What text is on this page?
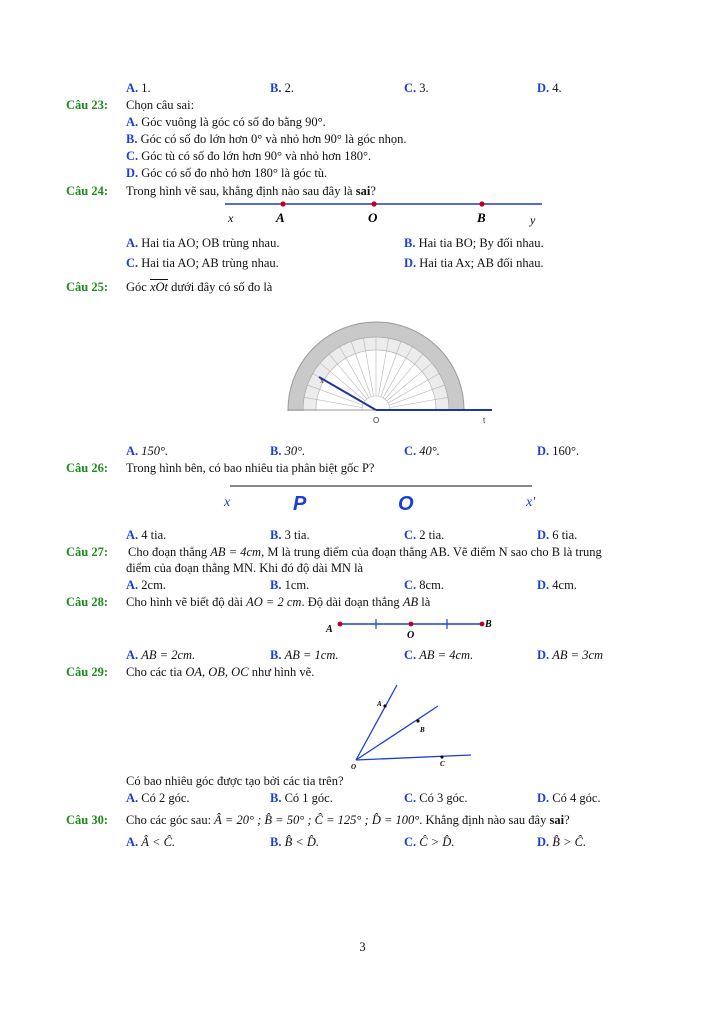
A. 1.	B. 2.	C. 3.	D. 4.
Câu 23: Chọn câu sai:
A. Góc vuông là góc có số đo bằng 90°.
B. Góc có số đo lớn hơn 0° và nhỏ hơn 90° là góc nhọn.
C. Góc tù có số đo lớn hơn 90° và nhỏ hơn 180°.
D. Góc có số đo nhỏ hơn 180° là góc tù.
Câu 24: Trong hình vẽ sau, khẳng định nào sau đây là sai?
x	A	O	B	y
A. Hai tia AO; OB trùng nhau.	B. Hai tia BO; By đối nhau.
C. Hai tia AO; AB trùng nhau.	D. Hai tia Ax; AB đối nhau.
Câu 25: Góc $\overline{xOt}$ dưới đây có số đo là
x
O	t
A. 150°.	B. 30°.	C. 40°.	D. 160°.
Câu 26: Trong hình bên, có bao nhiêu tia phân biệt gốc P?
x	P	O	x'
A. 4 tia.	B. 3 tia.	C. 2 tia.	D. 6 tia.
Câu 27: Cho đoạn thẳng AB = 4cm, M là trung điểm của đoạn thẳng AB. Vẽ điểm N sao cho B là trung
điểm của đoạn thẳng MN. Khi đó độ dài MN là
A. 2cm.	B. 1cm.	C. 8cm.	D. 4cm.
Câu 28: Cho hình vẽ biết độ dài AO = 2 cm. Độ dài đoạn thẳng AB là
A
O
B
A. AB = 2cm.	B. AB = 1cm.	C. AB = 4cm.	D. AB = 3cm
Câu 29: Cho các tia OA, OB, OC như hình vẽ.
A
B
O	C
Có bao nhiêu góc được tạo bởi các tia trên?
A. Có 2 góc.	B. Có 1 góc.	C. Có 3 góc.	D. Có 4 góc.
Câu 30: Cho các góc sau: Â = 20° ; B̂ = 50° ; Ĉ = 125° ; D̂ = 100°. Khẳng định nào sau đây sai?
A. Â < Ĉ.	B. B̂ < D̂.	C. Ĉ > D̂.	D. B̂ > Ĉ.
3
